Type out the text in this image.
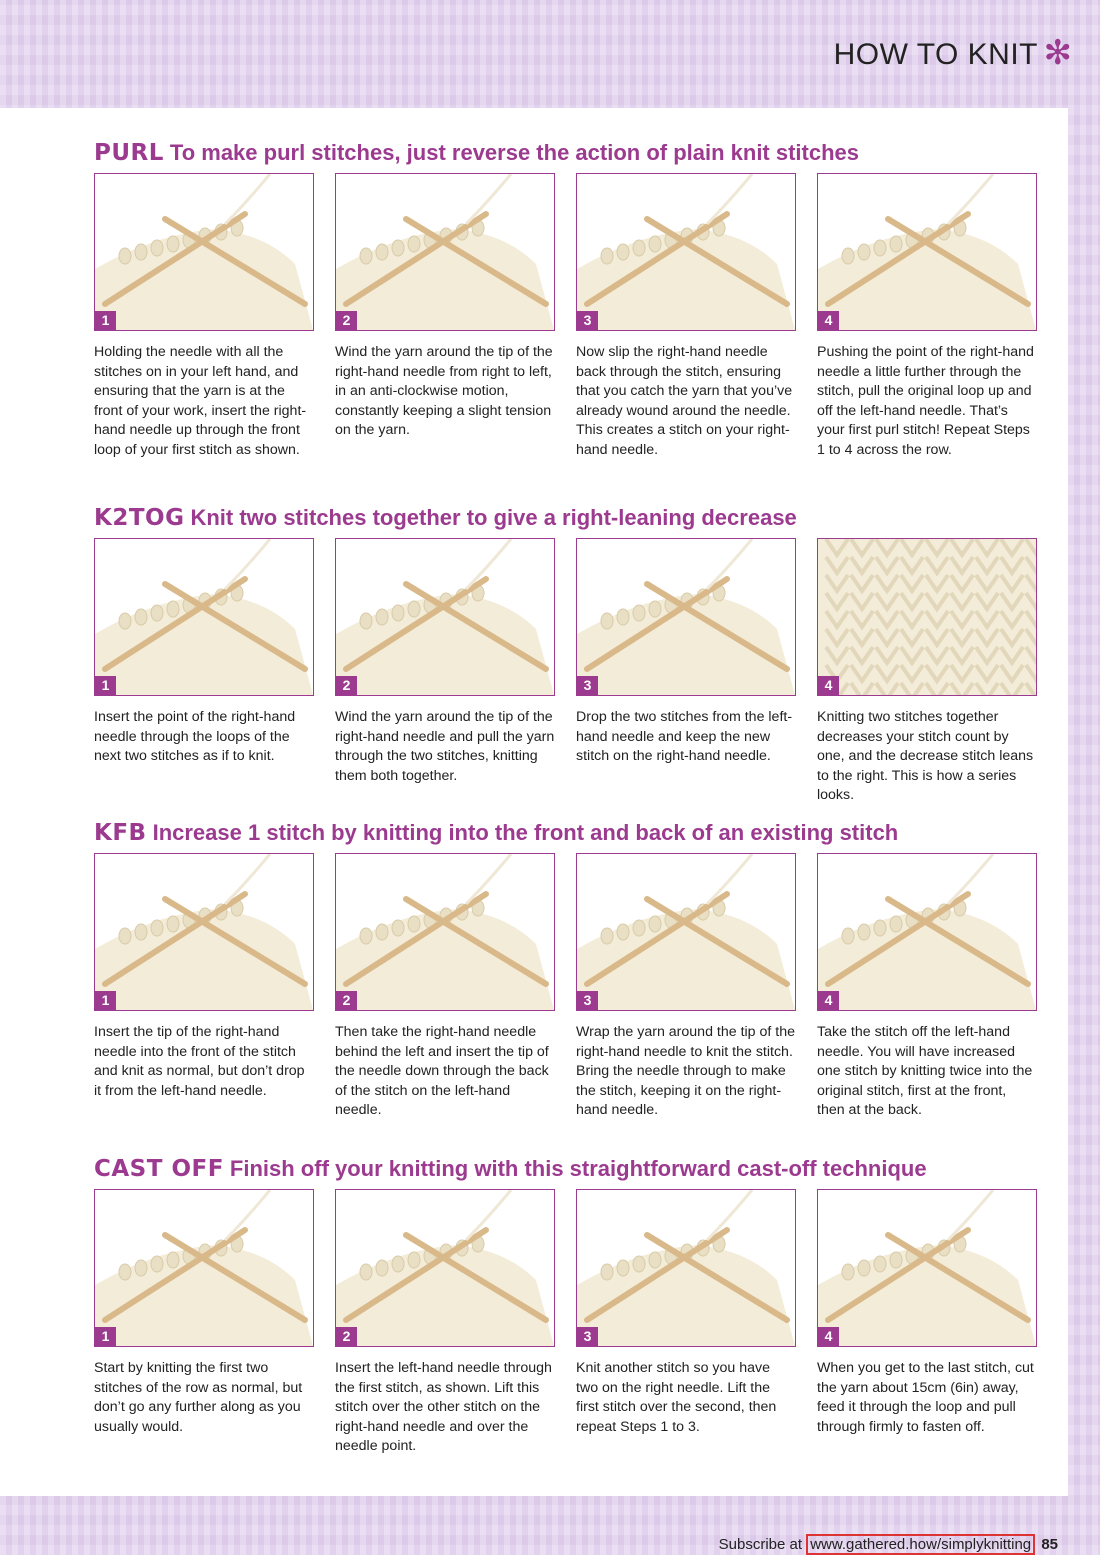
HOW TO KNIT ✻
PURL To make purl stitches, just reverse the action of plain knit stitches
1
Holding the needle with all the stitches on in your left hand, and ensuring that the yarn is at the front of your work, insert the right-hand needle up through the front loop of your first stitch as shown.
2
Wind the yarn around the tip of the right-hand needle from right to left, in an anti-clockwise motion, constantly keeping a slight tension on the yarn.
3
Now slip the right-hand needle back through the stitch, ensuring that you catch the yarn that you’ve already wound around the needle. This creates a stitch on your right-hand needle.
4
Pushing the point of the right-hand needle a little further through the stitch, pull the original loop up and off the left-hand needle. That’s your first purl stitch! Repeat Steps 1 to 4 across the row.
K2TOG Knit two stitches together to give a right-leaning decrease
1
Insert the point of the right-hand needle through the loops of the next two stitches as if to knit.
2
Wind the yarn around the tip of the right-hand needle and pull the yarn through the two stitches, knitting them both together.
3
Drop the two stitches from the left-hand needle and keep the new stitch on the right-hand needle.
4
Knitting two stitches together decreases your stitch count by one, and the decrease stitch leans to the right. This is how a series looks.
KFB Increase 1 stitch by knitting into the front and back of an existing stitch
1
Insert the tip of the right-hand needle into the front of the stitch and knit as normal, but don’t drop it from the left-hand needle.
2
Then take the right-hand needle behind the left and insert the tip of the needle down through the back of the stitch on the left-hand needle.
3
Wrap the yarn around the tip of the right-hand needle to knit the stitch. Bring the needle through to make the stitch, keeping it on the right-hand needle.
4
Take the stitch off the left-hand needle. You will have increased one stitch by knitting twice into the original stitch, first at the front, then at the back.
CAST OFF Finish off your knitting with this straightforward cast-off technique
1
Start by knitting the first two stitches of the row as normal, but don’t go any further along as you usually would.
2
Insert the left-hand needle through the first stitch, as shown. Lift this stitch over the other stitch on the right-hand needle and over the needle point.
3
Knit another stitch so you have two on the right needle. Lift the first stitch over the second, then repeat Steps 1 to 3.
4
When you get to the last stitch, cut the yarn about 15cm (6in) away, feed it through the loop and pull through firmly to fasten off.
Subscribe at www.gathered.how/simplyknitting 85
